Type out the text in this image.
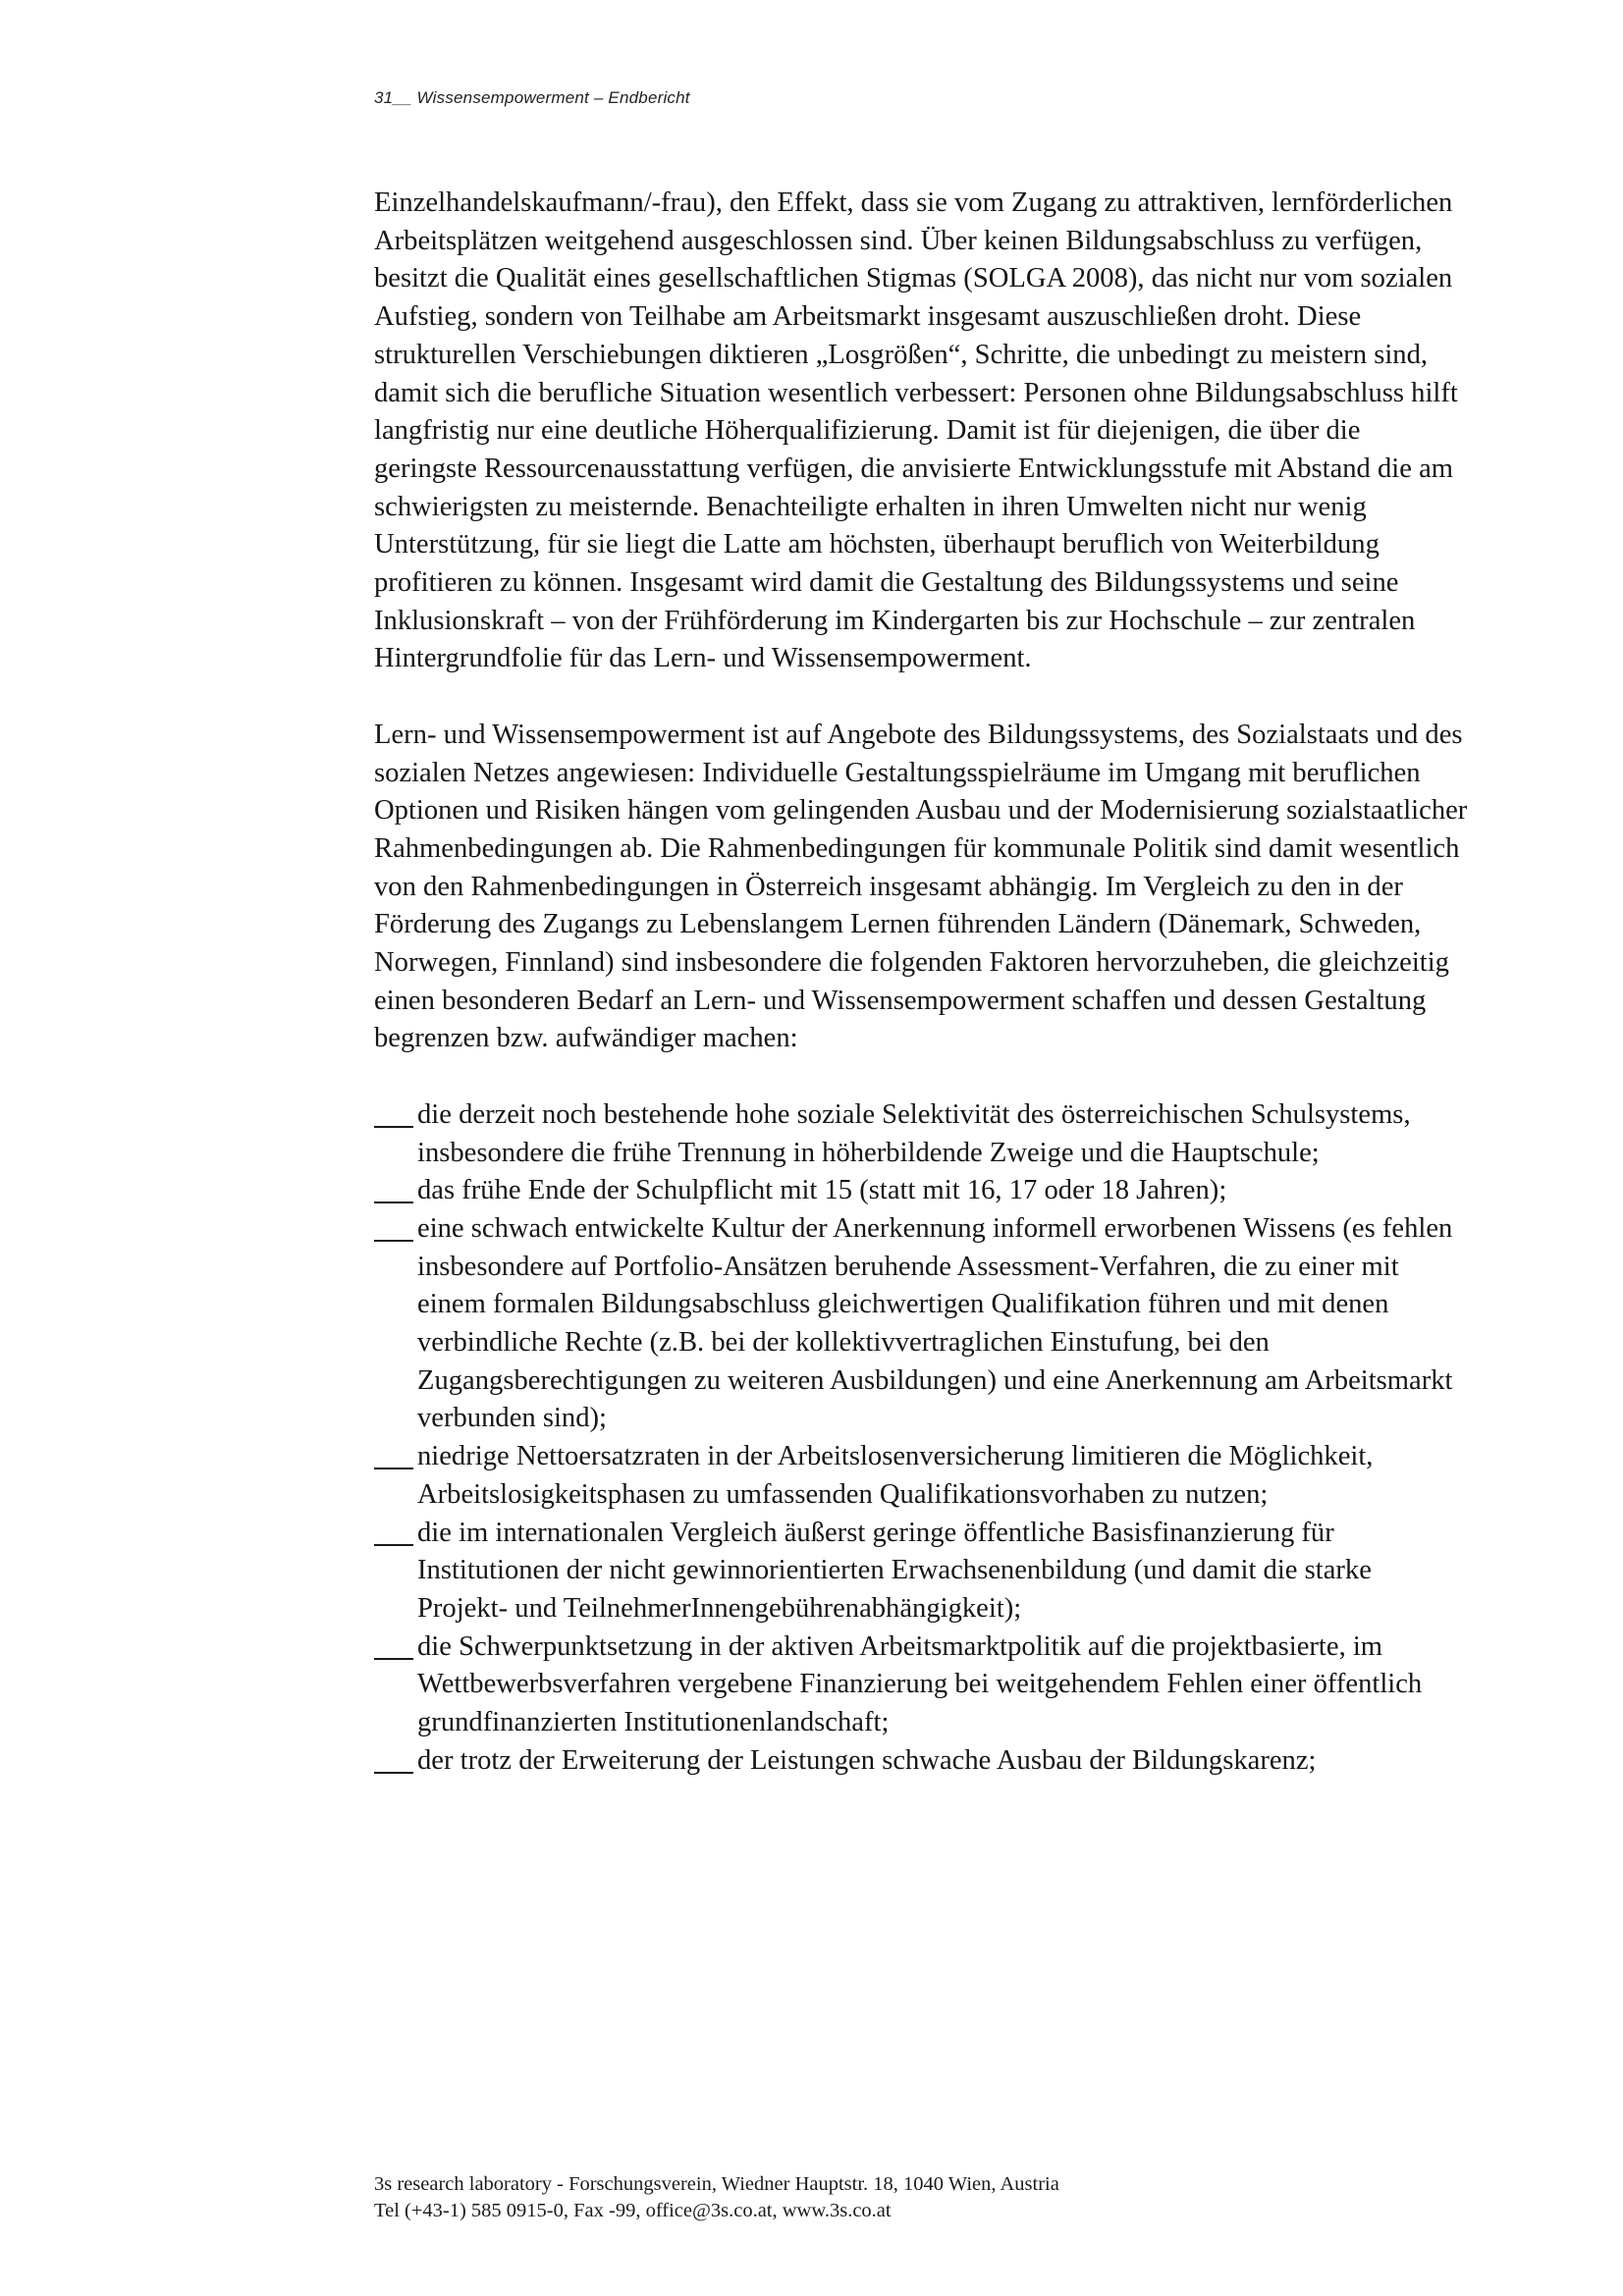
31__ Wissensempowerment – Endbericht

Einzelhandelskaufmann/-frau), den Effekt, dass sie vom Zugang zu attraktiven, lernförderlichen Arbeitsplätzen weitgehend ausgeschlossen sind. Über keinen Bildungsabschluss zu verfügen, besitzt die Qualität eines gesellschaftlichen Stigmas (SOLGA 2008), das nicht nur vom sozialen Aufstieg, sondern von Teilhabe am Arbeitsmarkt insgesamt auszuschließen droht. Diese strukturellen Verschiebungen diktieren „Losgrößen“, Schritte, die unbedingt zu meistern sind, damit sich die berufliche Situation wesentlich verbessert: Personen ohne Bildungsabschluss hilft langfristig nur eine deutliche Höherqualifizierung. Damit ist für diejenigen, die über die geringste Ressourcenausstattung verfügen, die anvisierte Entwicklungsstufe mit Abstand die am schwierigsten zu meisternde. Benachteiligte erhalten in ihren Umwelten nicht nur wenig Unterstützung, für sie liegt die Latte am höchsten, überhaupt beruflich von Weiterbildung profitieren zu können. Insgesamt wird damit die Gestaltung des Bildungssystems und seine Inklusionskraft – von der Frühförderung im Kindergarten bis zur Hochschule – zur zentralen Hintergrundfolie für das Lern- und Wissensempowerment.

Lern- und Wissensempowerment ist auf Angebote des Bildungssystems, des Sozialstaats und des sozialen Netzes angewiesen: Individuelle Gestaltungsspielräume im Umgang mit beruflichen Optionen und Risiken hängen vom gelingenden Ausbau und der Modernisierung sozialstaatlicher Rahmenbedingungen ab. Die Rahmenbedingungen für kommunale Politik sind damit wesentlich von den Rahmenbedingungen in Österreich insgesamt abhängig. Im Vergleich zu den in der Förderung des Zugangs zu Lebenslangem Lernen führenden Ländern (Dänemark, Schweden, Norwegen, Finnland) sind insbesondere die folgenden Faktoren hervorzuheben, die gleichzeitig einen besonderen Bedarf an Lern- und Wissensempowerment schaffen und dessen Gestaltung begrenzen bzw. aufwändiger machen:

die derzeit noch bestehende hohe soziale Selektivität des österreichischen Schulsystems, insbesondere die frühe Trennung in höherbildende Zweige und die Hauptschule;
das frühe Ende der Schulpflicht mit 15 (statt mit 16, 17 oder 18 Jahren);
eine schwach entwickelte Kultur der Anerkennung informell erworbenen Wissens (es fehlen insbesondere auf Portfolio-Ansätzen beruhende Assessment-Verfahren, die zu einer mit einem formalen Bildungsabschluss gleichwertigen Qualifikation führen und mit denen verbindliche Rechte (z.B. bei der kollektivvertraglichen Einstufung, bei den Zugangsberechtigungen zu weiteren Ausbildungen) und eine Anerkennung am Arbeitsmarkt verbunden sind);
niedrige Nettoersatzraten in der Arbeitslosenversicherung limitieren die Möglichkeit, Arbeitslosigkeitsphasen zu umfassenden Qualifikationsvorhaben zu nutzen;
die im internationalen Vergleich äußerst geringe öffentliche Basisfinanzierung für Institutionen der nicht gewinnorientierten Erwachsenenbildung (und damit die starke Projekt- und TeilnehmerInnengebührenabhängigkeit);
die Schwerpunktsetzung in der aktiven Arbeitsmarktpolitik auf die projektbasierte, im Wettbewerbsverfahren vergebene Finanzierung bei weitgehendem Fehlen einer öffentlich grundfinanzierten Institutionenlandschaft;
der trotz der Erweiterung der Leistungen schwache Ausbau der Bildungskarenz;
3s research laboratory - Forschungsverein, Wiedner Hauptstr. 18, 1040 Wien, Austria
Tel (+43-1) 585 0915-0, Fax -99, office@3s.co.at, www.3s.co.at
